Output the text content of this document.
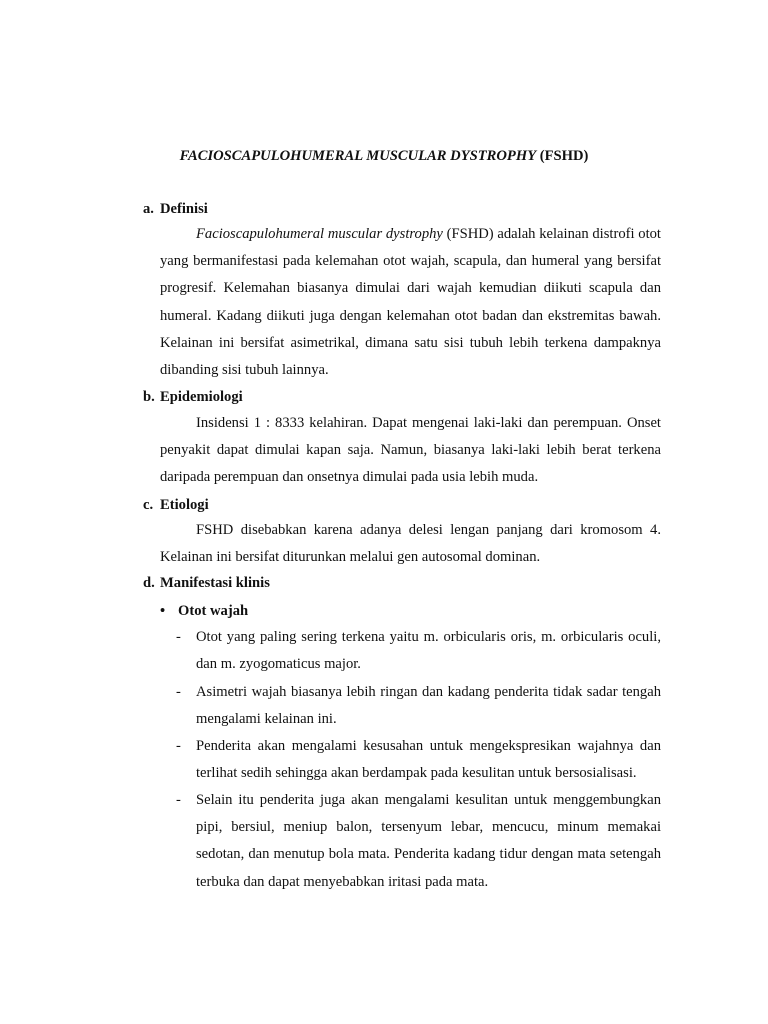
FACIOSCAPULOHUMERAL MUSCULAR DYSTROPHY (FSHD)
a. Definisi

Facioscapulohumeral muscular dystrophy (FSHD) adalah kelainan distrofi otot yang bermanifestasi pada kelemahan otot wajah, scapula, dan humeral yang bersifat progresif. Kelemahan biasanya dimulai dari wajah kemudian diikuti scapula dan humeral. Kadang diikuti juga dengan kelemahan otot badan dan ekstremitas bawah. Kelainan ini bersifat asimetrikal, dimana satu sisi tubuh lebih terkena dampaknya dibanding sisi tubuh lainnya.

b. Epidemiologi

Insidensi 1 : 8333 kelahiran. Dapat mengenai laki-laki dan perempuan. Onset penyakit dapat dimulai kapan saja. Namun, biasanya laki-laki lebih berat terkena daripada perempuan dan onsetnya dimulai pada usia lebih muda.

c. Etiologi

FSHD disebabkan karena adanya delesi lengan panjang dari kromosom 4. Kelainan ini bersifat diturunkan melalui gen autosomal dominan.

d. Manifestasi klinis
• Otot wajah
- Otot yang paling sering terkena yaitu m. orbicularis oris, m. orbicularis oculi, dan m. zyogomaticus major.

- Asimetri wajah biasanya lebih ringan dan kadang penderita tidak sadar tengah mengalami kelainan ini.

- Penderita akan mengalami kesusahan untuk mengekspresikan wajahnya dan terlihat sedih sehingga akan berdampak pada kesulitan untuk bersosialisasi.

- Selain itu penderita juga akan mengalami kesulitan untuk menggembungkan pipi, bersiul, meniup balon, tersenyum lebar, mencucu, minum memakai sedotan, dan menutup bola mata. Penderita kadang tidur dengan mata setengah terbuka dan dapat menyebabkan iritasi pada mata.
